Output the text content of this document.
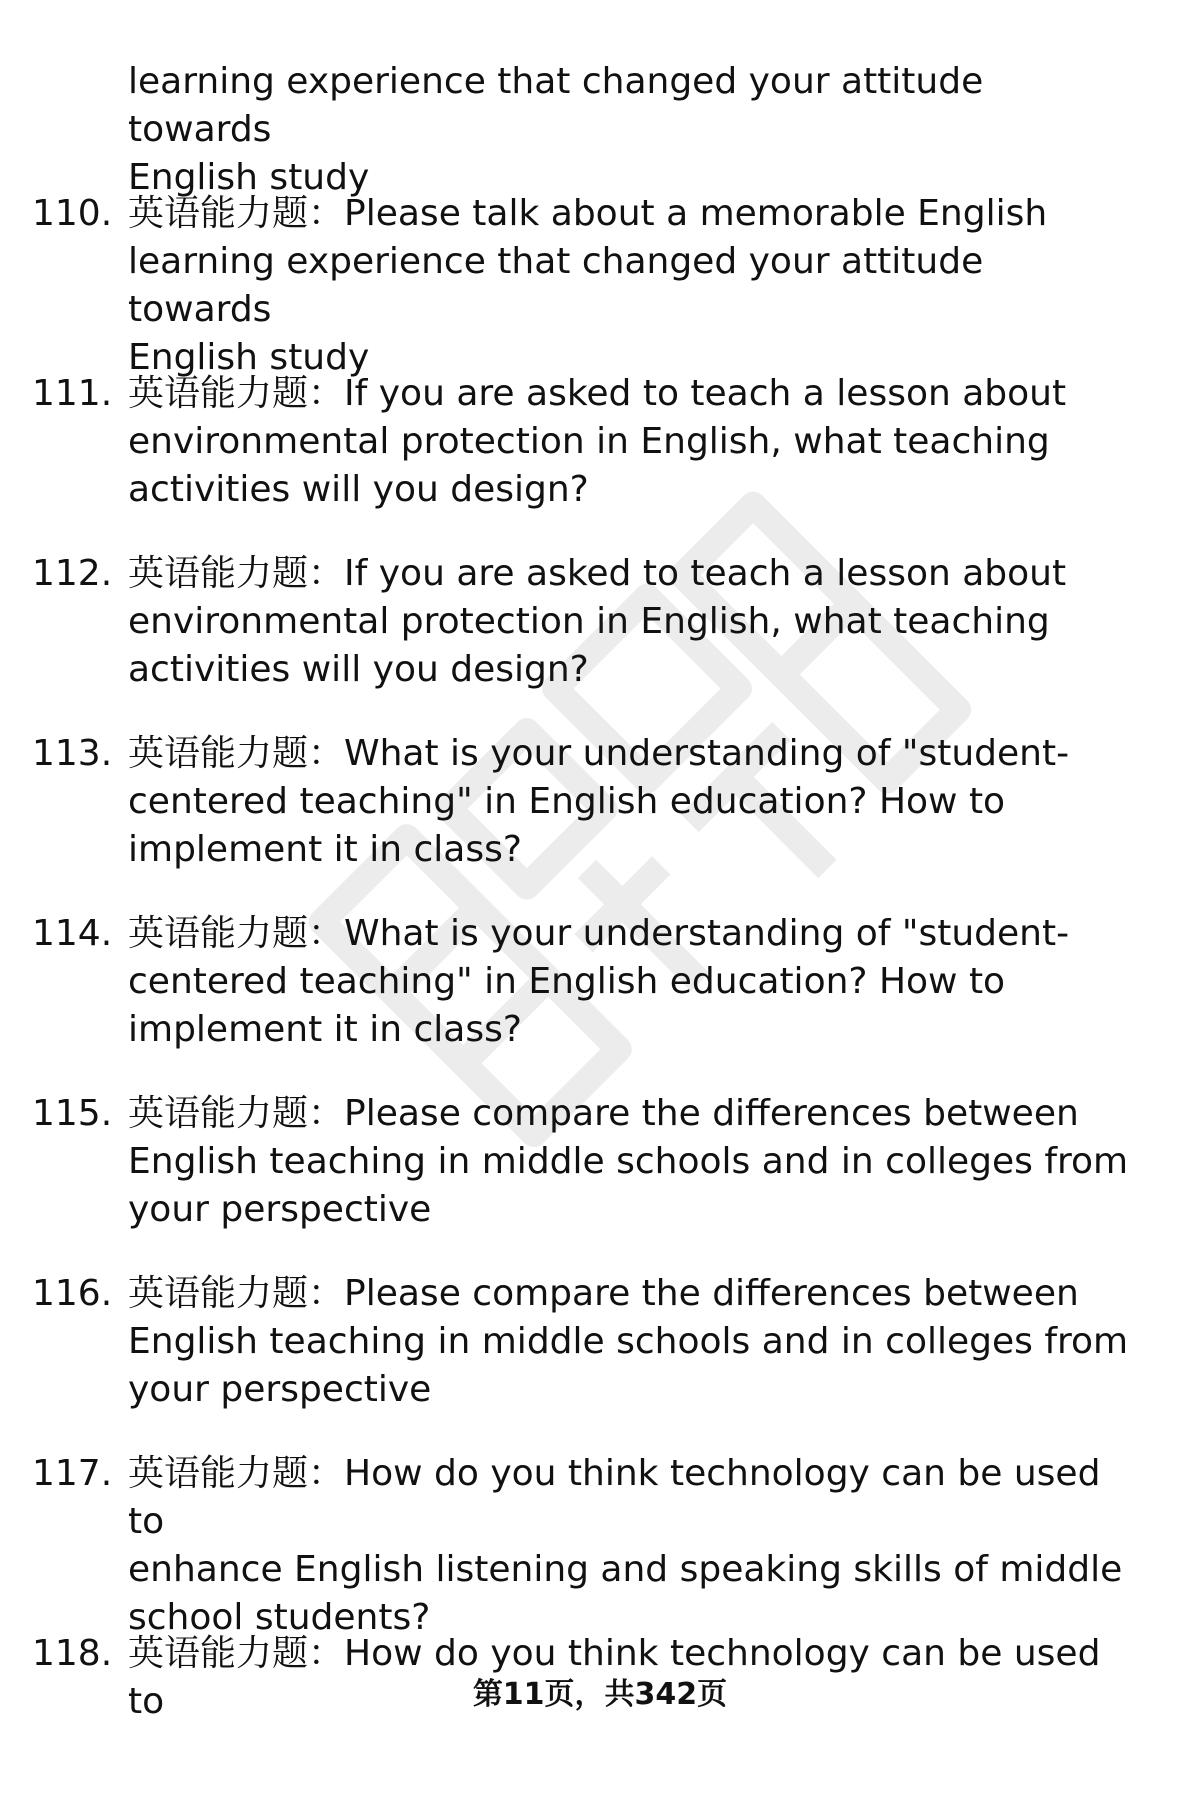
learning experience that changed your attitude towards
English study
110. 英语能力题：Please talk about a memorable English
learning experience that changed your attitude towards
English study
111. 英语能力题：If you are asked to teach a lesson about
environmental protection in English, what teaching
activities will you design?
112. 英语能力题：If you are asked to teach a lesson about
environmental protection in English, what teaching
activities will you design?
113. 英语能力题：What is your understanding of "student-
centered teaching" in English education? How to
implement it in class?
114. 英语能力题：What is your understanding of "student-
centered teaching" in English education? How to
implement it in class?
115. 英语能力题：Please compare the differences between
English teaching in middle schools and in colleges from
your perspective
116. 英语能力题：Please compare the differences between
English teaching in middle schools and in colleges from
your perspective
117. 英语能力题：How do you think technology can be used to
enhance English listening and speaking skills of middle
school students?
118. 英语能力题：How do you think technology can be used to	第11页，共342页
